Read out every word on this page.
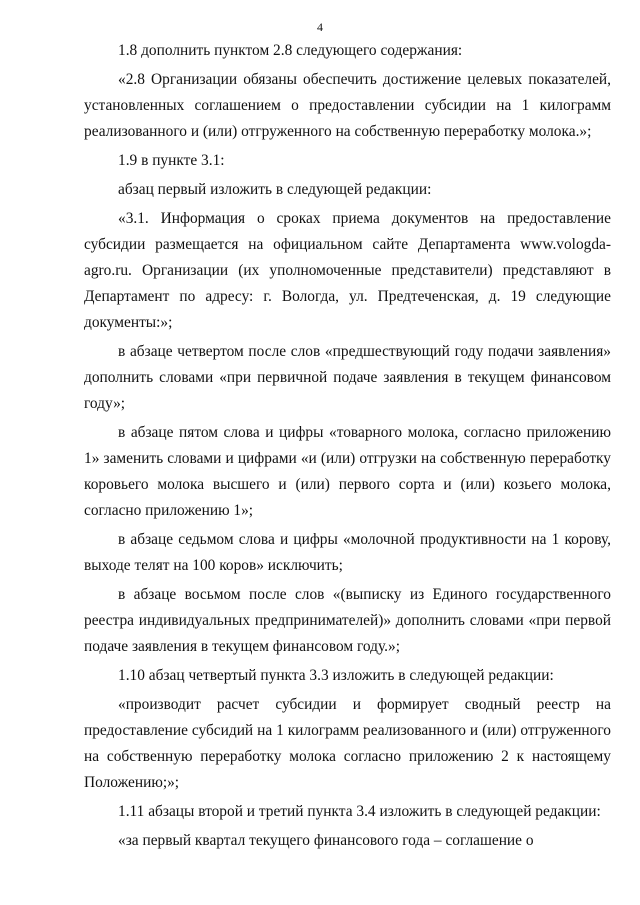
4

1.8 дополнить пунктом 2.8 следующего содержания:

«2.8 Организации обязаны обеспечить достижение целевых показателей, установленных соглашением о предоставлении субсидии на 1 килограмм реализованного и (или) отгруженного на собственную переработку молока.»;

1.9 в пункте 3.1:

абзац первый изложить в следующей редакции:

«3.1. Информация о сроках приема документов на предоставление субсидии размещается на официальном сайте Департамента www.vologda-agro.ru. Организации (их уполномоченные представители) представляют в Департамент по адресу: г. Вологда, ул. Предтеченская, д. 19 следующие документы:»;

в абзаце четвертом после слов «предшествующий году подачи заявления» дополнить словами «при первичной подаче заявления в текущем финансовом году»;

в абзаце пятом слова и цифры «товарного молока, согласно приложению 1» заменить словами и цифрами «и (или) отгрузки на собственную переработку коровьего молока высшего и (или) первого сорта и (или) козьего молока, согласно приложению 1»;

в абзаце седьмом слова и цифры «молочной продуктивности на 1 корову, выходе телят на 100 коров» исключить;

в абзаце восьмом после слов «(выписку из Единого государственного реестра индивидуальных предпринимателей)» дополнить словами «при первой подаче заявления в текущем финансовом году.»;

1.10 абзац четвертый пункта 3.3 изложить в следующей редакции:

«производит расчет субсидии и формирует сводный реестр на предоставление субсидий на 1 килограмм реализованного и (или) отгруженного на собственную переработку молока согласно приложению 2 к настоящему Положению;»;

1.11 абзацы второй и третий пункта 3.4 изложить в следующей редакции:

«за первый квартал текущего финансового года – соглашение о
